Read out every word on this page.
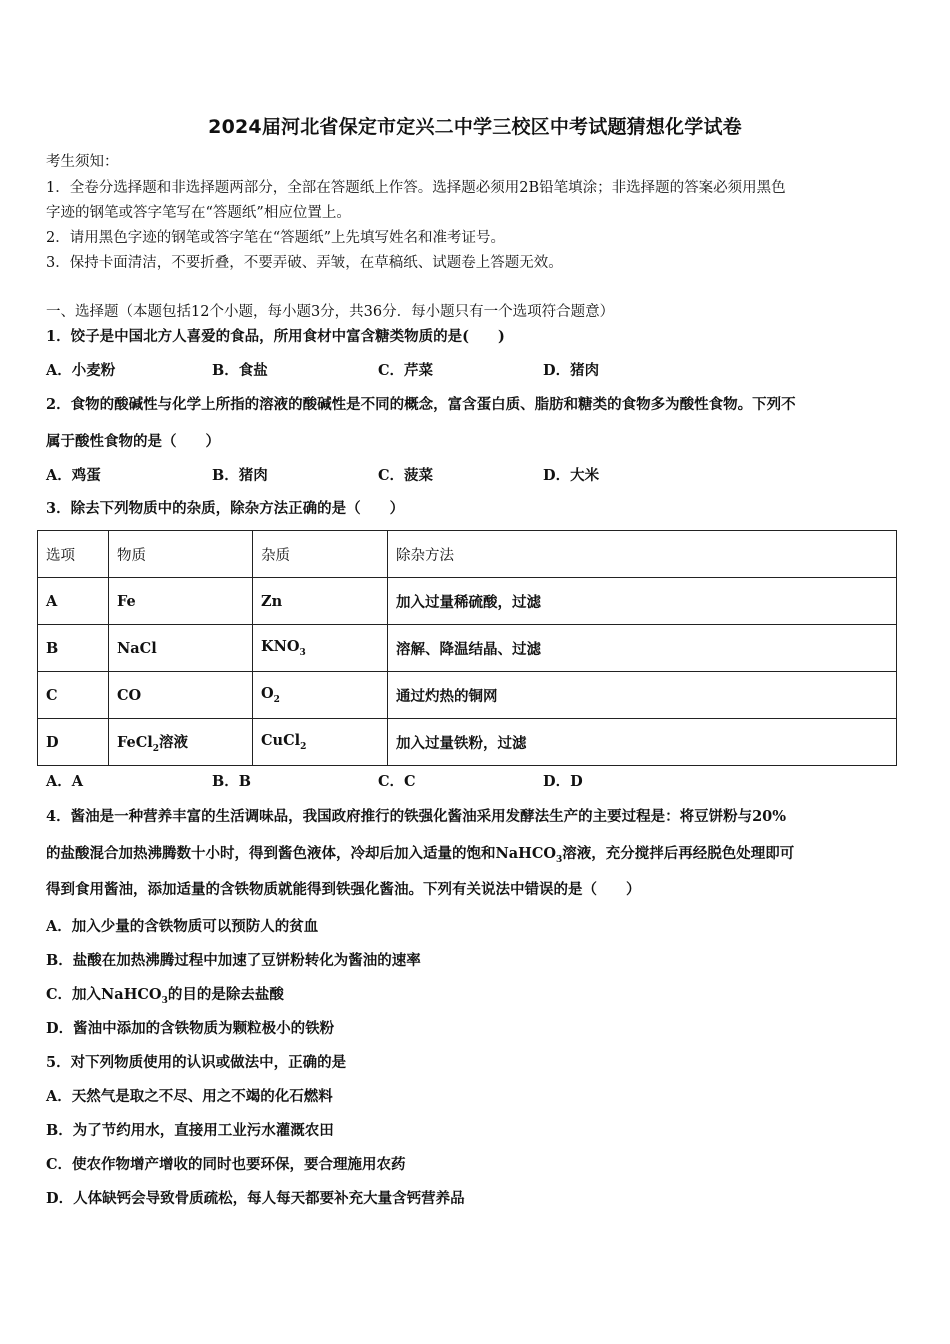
2024届河北省保定市定兴二中学三校区中考试题猜想化学试卷
考生须知：
1．全卷分选择题和非选择题两部分，全部在答题纸上作答。选择题必须用2B铅笔填涂；非选择题的答案必须用黑色
字迹的钢笔或答字笔写在“答题纸”相应位置上。
2．请用黑色字迹的钢笔或答字笔在“答题纸”上先填写姓名和准考证号。
3．保持卡面清洁，不要折叠，不要弄破、弄皱，在草稿纸、试题卷上答题无效。
一、选择题（本题包括12个小题，每小题3分，共36分．每小题只有一个选项符合题意）
1．饺子是中国北方人喜爱的食品，所用食材中富含糖类物质的是(　　)
A．小麦粉	B．食盐	C．芹菜	D．猪肉
2．食物的酸碱性与化学上所指的溶液的酸碱性是不同的概念，富含蛋白质、脂肪和糖类的食物多为酸性食物。下列不
属于酸性食物的是（　　）
A．鸡蛋	B．猪肉	C．菠菜	D．大米
3．除去下列物质中的杂质，除杂方法正确的是（　　）
选项	物质	杂质	除杂方法
A	Fe	Zn	加入过量稀硫酸，过滤
B	NaCl	$KNO_3$	溶解、降温结晶、过滤
C	CO	$O_2$	通过灼热的铜网
D	FeCl$_2$溶液	CuCl$_2$	加入过量铁粉，过滤
A．A	B．B	C．C	D．D
4．酱油是一种营养丰富的生活调味品，我国政府推行的铁强化酱油采用发酵法生产的主要过程是：将豆饼粉与20%
的盐酸混合加热沸腾数十小时，得到酱色液体，冷却后加入适量的饱和NaHCO$_3$溶液，充分搅拌后再经脱色处理即可
得到食用酱油，添加适量的含铁物质就能得到铁强化酱油。下列有关说法中错误的是（　　）
A．加入少量的含铁物质可以预防人的贫血
B．盐酸在加热沸腾过程中加速了豆饼粉转化为酱油的速率
C．加入NaHCO$_3$的目的是除去盐酸
D．酱油中添加的含铁物质为颗粒极小的铁粉
5．对下列物质使用的认识或做法中，正确的是
A．天然气是取之不尽、用之不竭的化石燃料
B．为了节约用水，直接用工业污水灌溉农田
C．使农作物增产增收的同时也要环保，要合理施用农药
D．人体缺钙会导致骨质疏松，每人每天都要补充大量含钙营养品
